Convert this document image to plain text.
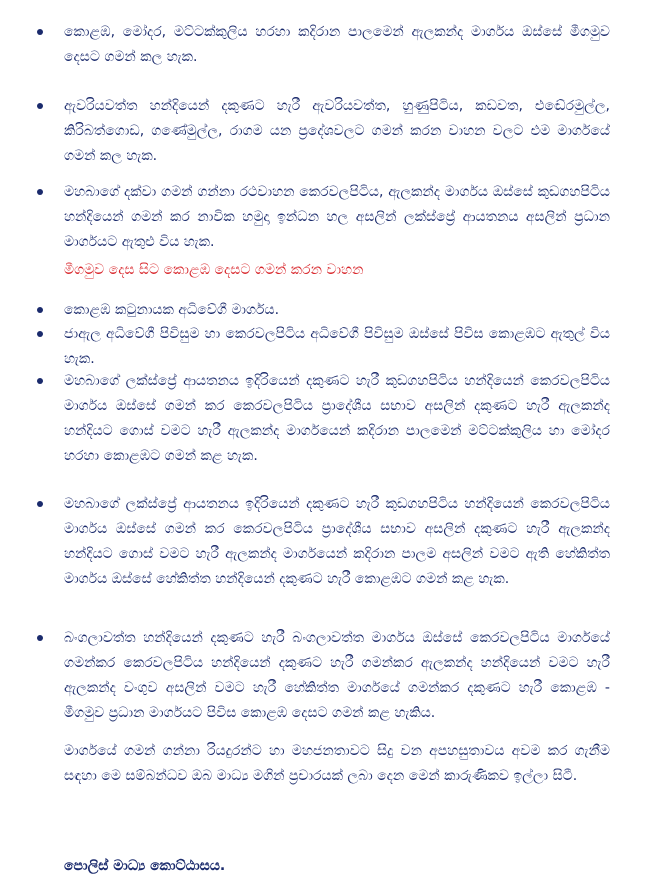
කොළඹ, මෝදර, මට්ටක්කුලිය හරහා කදිරාන පාලමෙන් ඇලකන්ද මාර්ගය ඔස්සේ මීගමුව දෙසට ගමන් කල හැක.
ඇවරියවත්ත හන්දියෙන් දකුණට හැරී ඇවරියවත්ත, හුණුපිටිය, කඩවත, එඬේරමුල්ල, කිරිබත්ගොඩ, ගණේමුල්ල, රාගම යන ප්‍රදේශවලට ගමන් කරන වාහන වලට එම මාර්ගයේ ගමන් කල හැක.
මහබාගේ දක්වා ගමන් ගන්නා රථවාහන කෙරවලපිටිය, ඇලකන්ද මාර්ගය ඔස්සේ කුඩගහපිටිය හන්දියෙන් ගමන් කර නාවික හමුදා ඉන්ධන හල අසලින් ලක්ස්ප්‍රේ ආයතනය අසලින් ප්‍රධාන මාර්ගයට ඇතුළු විය හැක.
මීගමුව දෙස සිට කොළඹ දෙසට ගමන් කරන වාහන
කොළඹ කටුනායක අධිවේගී මාර්ගය.
ජාඇල අධිවේගී පිවිසුම හා කෙරවලපිටිය අධිවේගී පිවිසුම ඔස්සේ පිවිස කොළඹට ඇතුල් විය හැක.
මහබාගේ ලක්ස්ප්‍රේ ආයතනය ඉදිරියෙන් දකුණට හැරී කුඩගහපිටිය හන්දියෙන් කෙරවලපිටිය මාර්ගය ඔස්සේ ගමන් කර කෙරවලපිටිය ප්‍රාදේශීය සභාව අසලින් දකුණට හැරී ඇලකන්ද හන්දියට ගොස් වමට හැරී ඇලකන්ද මාර්ගයෙන් කදිරාන පාලමෙන් මට්ටක්කුලිය හා මෝදර හරහා කොළඹට ගමන් කළ හැක.
මහබාගේ ලක්ස්ප්‍රේ ආයතනය ඉදිරියෙන් දකුණට හැරී කුඩගහපිටිය හන්දියෙන් කෙරවලපිටිය මාර්ගය ඔස්සේ ගමන් කර කෙරවලපිටිය ප්‍රාදේශීය සභාව අසලින් දකුණට හැරී ඇලකන්ද හන්දියට ගොස් වමට හැරී ඇලකන්ද මාර්ගයෙන් කදිරාන පාලම අසලින් වමට ඇති හේකිත්ත මාර්ගය ඔස්සේ හේකිත්ත හන්දියෙන් දකුණට හැරී කොළඹට ගමන් කළ හැක.
බංගලාවත්ත හන්දියෙන් දකුණට හැරී බංගලාවත්ත මාර්ගය ඔස්සේ කෙරවලපිටිය මාර්ගයේ ගමන්කර කෙරවලපිටිය හන්දියෙන් දකුණට හැරී ගමන්කර ඇලකන්ද හන්දියෙන් වමට හැරී ඇලකන්ද වංගුව අසලින් වමට හැරී හේකිත්ත මාර්ගයේ ගමන්කර දකුණට හැරී කොළඹ - මීගමුව ප්‍රධාන මාර්ගයට පිවිස කොළඹ දෙසට ගමන් කළ හැකිය.
මාර්ගයේ ගමන් ගන්නා රියදුරන්ට හා මහජනතාවට සිදු වන අපහසුතාවය අවම කර ගැනීම සඳහා මෙ සම්බන්ධව ඔබ මාධ්‍ය මගින් ප්‍රචාරයක් ලබා දෙන මෙන් කාරුණිකව ඉල්ලා සිටී.
පොලිස් මාධ්‍ය කොට්ඨාසය.
